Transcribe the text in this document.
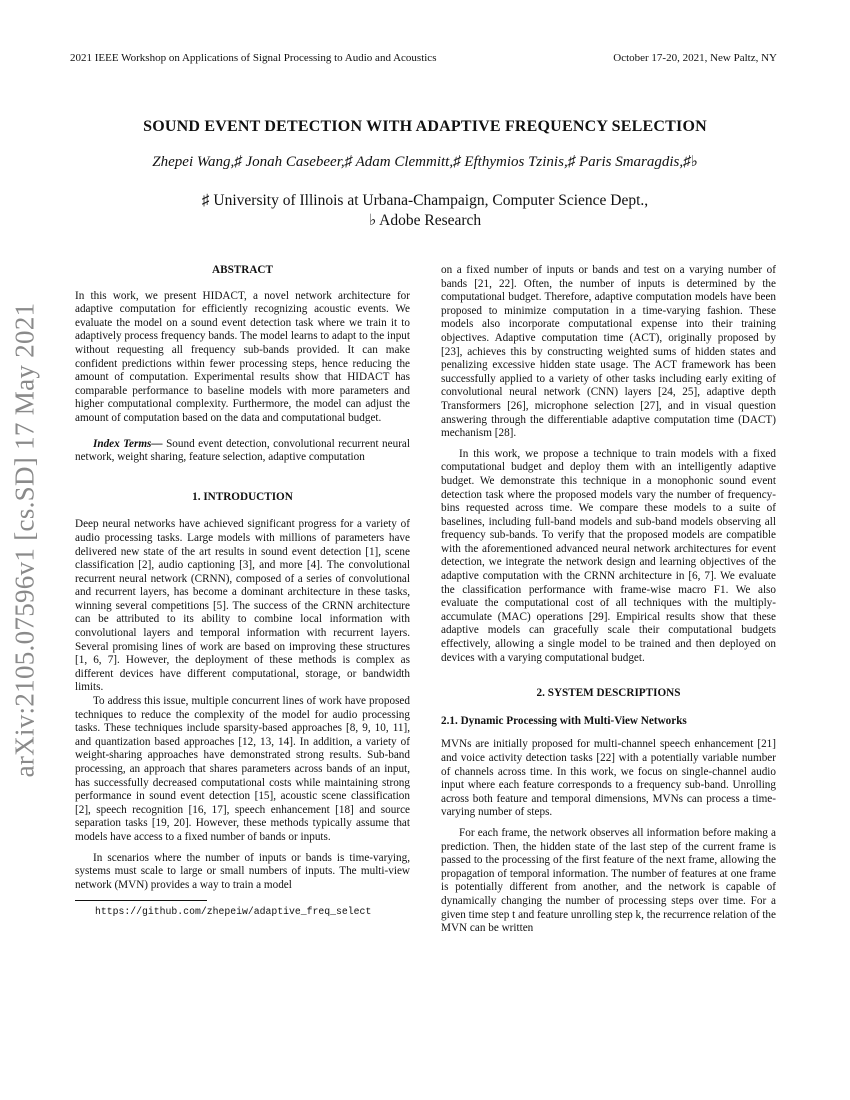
2021 IEEE Workshop on Applications of Signal Processing to Audio and Acoustics	October 17-20, 2021, New Paltz, NY
SOUND EVENT DETECTION WITH ADAPTIVE FREQUENCY SELECTION
Zhepei Wang,♯ Jonah Casebeer,♯ Adam Clemmitt,♯ Efthymios Tzinis,♯ Paris Smaragdis,♯♭
♯ University of Illinois at Urbana-Champaign, Computer Science Dept.,
♭ Adobe Research
arXiv:2105.07596v1 [cs.SD] 17 May 2021

ABSTRACT

In this work, we present HIDACT, a novel network architecture for adaptive computation for efficiently recognizing acoustic events. We evaluate the model on a sound event detection task where we train it to adaptively process frequency bands. The model learns to adapt to the input without requesting all frequency sub-bands provided. It can make confident predictions within fewer processing steps, hence reducing the amount of computation. Experimental results show that HIDACT has comparable performance to baseline models with more parameters and higher computational complexity. Furthermore, the model can adjust the amount of computation based on the data and computational budget.

Index Terms— Sound event detection, convolutional recurrent neural network, weight sharing, feature selection, adaptive computation

1. INTRODUCTION

Deep neural networks have achieved significant progress for a variety of audio processing tasks. Large models with millions of parameters have delivered new state of the art results in sound event detection [1], scene classification [2], audio captioning [3], and more [4]. The convolutional recurrent neural network (CRNN), composed of a series of convolutional and recurrent layers, has become a dominant architecture in these tasks, winning several competitions [5]. The success of the CRNN architecture can be attributed to its ability to combine local information with convolutional layers and temporal information with recurrent layers. Several promising lines of work are based on improving these structures [1, 6, 7]. However, the deployment of these methods is complex as different devices have different computational, storage, or bandwidth limits.

To address this issue, multiple concurrent lines of work have proposed techniques to reduce the complexity of the model for audio processing tasks. These techniques include sparsity-based approaches [8, 9, 10, 11], and quantization based approaches [12, 13, 14]. In addition, a variety of weight-sharing approaches have demonstrated strong results. Sub-band processing, an approach that shares parameters across bands of an input, has successfully decreased computational costs while maintaining strong performance in sound event detection [15], acoustic scene classification [2], speech recognition [16, 17], speech enhancement [18] and source separation tasks [19, 20]. However, these methods typically assume that models have access to a fixed number of bands or inputs.

In scenarios where the number of inputs or bands is time-varying, systems must scale to large or small numbers of inputs. The multi-view network (MVN) provides a way to train a model

https://github.com/zhepeiw/adaptive_freq_select

on a fixed number of inputs or bands and test on a varying number of bands [21, 22]. Often, the number of inputs is determined by the computational budget. Therefore, adaptive computation models have been proposed to minimize computation in a time-varying fashion. These models also incorporate computational expense into their training objectives. Adaptive computation time (ACT), originally proposed by [23], achieves this by constructing weighted sums of hidden states and penalizing excessive hidden state usage. The ACT framework has been successfully applied to a variety of other tasks including early exiting of convolutional neural network (CNN) layers [24, 25], adaptive depth Transformers [26], microphone selection [27], and in visual question answering through the differentiable adaptive computation time (DACT) mechanism [28].

In this work, we propose a technique to train models with a fixed computational budget and deploy them with an intelligently adaptive budget. We demonstrate this technique in a monophonic sound event detection task where the proposed models vary the number of frequency-bins requested across time. We compare these models to a suite of baselines, including full-band models and sub-band models observing all frequency sub-bands. To verify that the proposed models are compatible with the aforementioned advanced neural network architectures for event detection, we integrate the network design and learning objectives of the adaptive computation with the CRNN architecture in [6, 7]. We evaluate the classification performance with frame-wise macro F1. We also evaluate the computational cost of all techniques with the multiply-accumulate (MAC) operations [29]. Empirical results show that these adaptive models can gracefully scale their computational budgets effectively, allowing a single model to be trained and then deployed on devices with a varying computational budget.

2. SYSTEM DESCRIPTIONS

2.1. Dynamic Processing with Multi-View Networks

MVNs are initially proposed for multi-channel speech enhancement [21] and voice activity detection tasks [22] with a potentially variable number of channels across time. In this work, we focus on single-channel audio input where each feature corresponds to a frequency sub-band. Unrolling across both feature and temporal dimensions, MVNs can process a time-varying number of steps.

For each frame, the network observes all information before making a prediction. Then, the hidden state of the last step of the current frame is passed to the processing of the first feature of the next frame, allowing the propagation of temporal information. The number of features at one frame is potentially different from another, and the network is capable of dynamically changing the number of processing steps over time. For a given time step t and feature unrolling step k, the recurrence relation of the MVN can be written
